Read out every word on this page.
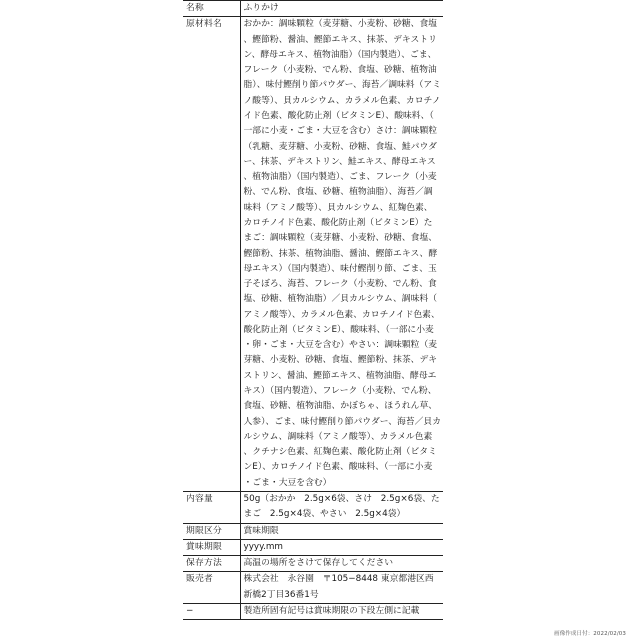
名称	ふりかけ
原材料名	おかか：調味顆粒（麦芽糖、小麦粉、砂糖、食塩、鰹節粉、醤油、鰹節エキス、抹茶、デキストリン、酵母エキス、植物油脂）（国内製造）、ごま、フレーク（小麦粉、でん粉、食塩、砂糖、植物油脂）、味付鰹削り節パウダー、海苔／調味料（アミノ酸等）、貝カルシウム、カラメル色素、カロチノイド色素、酸化防止剤（ビタミンE）、酸味料、（一部に小麦・ごま・大豆を含む）さけ：調味顆粒（乳糖、麦芽糖、小麦粉、砂糖、食塩、鮭パウダー、抹茶、デキストリン、鮭エキス、酵母エキス、植物油脂）（国内製造）、ごま、フレーク（小麦粉、でん粉、食塩、砂糖、植物油脂）、海苔／調味料（アミノ酸等）、貝カルシウム、紅麹色素、カロチノイド色素、酸化防止剤（ビタミンE）たまご：調味顆粒（麦芽糖、小麦粉、砂糖、食塩、鰹節粉、抹茶、植物油脂、醤油、鰹節エキス、酵母エキス）（国内製造）、味付鰹削り節、ごま、玉子そぼろ、海苔、フレーク（小麦粉、でん粉、食塩、砂糖、植物油脂）／貝カルシウム、調味料（アミノ酸等）、カラメル色素、カロチノイド色素、酸化防止剤（ビタミンE）、酸味料、（一部に小麦・卵・ごま・大豆を含む）やさい：調味顆粒（麦芽糖、小麦粉、砂糖、食塩、鰹節粉、抹茶、デキストリン、醤油、鰹節エキス、植物油脂、酵母エキス）（国内製造）、フレーク（小麦粉、でん粉、食塩、砂糖、植物油脂、かぼちゃ、ほうれん草、人参）、ごま、味付鰹削り節パウダー、海苔／貝カルシウム、調味料（アミノ酸等）、カラメル色素、クチナシ色素、紅麹色素、酸化防止剤（ビタミンE）、カロチノイド色素、酸味料、（一部に小麦・ごま・大豆を含む）
内容量	50g（おかか　2.5g×6袋、さけ　2.5g×6袋、たまご　2.5g×4袋、やさい　2.5g×4袋）
期限区分	賞味期限
賞味期限	yyyy.mm
保存方法	高温の場所をさけて保存してください
販売者	株式会社　永谷園　〒105−8448 東京都港区西新橋2丁目36番1号
−	製造所固有記号は賞味期限の下段左側に記載
画像作成日付：2022/02/03
